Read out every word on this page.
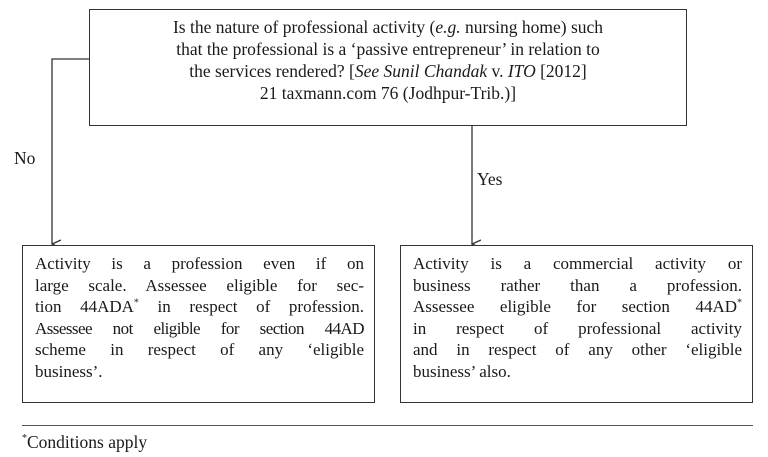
Is the nature of professional activity (e.g. nursing home) such
that the professional is a ‘passive entrepreneur’ in relation to
the services rendered? [See Sunil Chandak v. ITO [2012]
21 taxmann.com 76 (Jodhpur-Trib.)]
No
Yes
Activity is a profession even if on
large scale. Assessee eligible for sec-
tion 44ADA* in respect of profession.
Assessee not eligible for section 44AD
scheme in respect of any ‘eligible
business’.
Activity is a commercial activity or
business rather than a profession.
Assessee eligible for section 44AD*
in respect of professional activity
and in respect of any other ‘eligible
business’ also.
*Conditions apply
